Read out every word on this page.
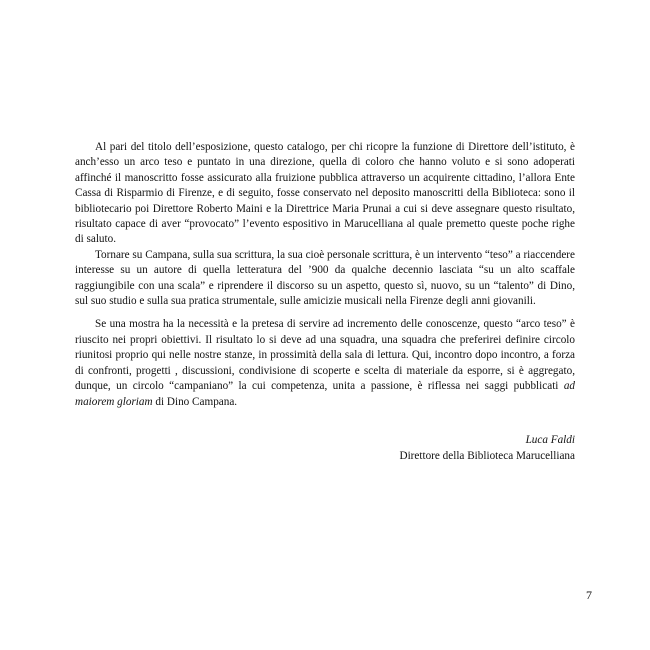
Al pari del titolo dell’esposizione, questo catalogo, per chi ricopre la funzione di Direttore dell’istituto, è anch’esso un arco teso e puntato in una direzione, quella di coloro che hanno voluto e si sono adoperati affinché il manoscritto fosse assicurato alla fruizione pubblica attraverso un acquirente cittadino, l’allora Ente Cassa di Risparmio di Firenze, e di seguito, fosse conservato nel deposito manoscritti della Biblioteca: sono il bibliotecario poi Direttore Roberto Maini e la Direttrice Maria Prunai a cui si deve assegnare questo risultato, risultato capace di aver “provocato” l’evento espositivo in Marucelliana al quale premetto queste poche righe di saluto.

Tornare su Campana, sulla sua scrittura, la sua cioè personale scrittura, è un intervento “teso” a riaccendere interesse su un autore di quella letteratura del ’900 da qualche decennio lasciata “su un alto scaffale raggiungibile con una scala” e riprendere il discorso su un aspetto, questo sì, nuovo, su un “talento” di Dino, sul suo studio e sulla sua pratica strumentale, sulle amicizie musicali nella Firenze degli anni giovanili.

Se una mostra ha la necessità e la pretesa di servire ad incremento delle conoscenze, questo “arco teso” è riuscito nei propri obiettivi. Il risultato lo si deve ad una squadra, una squadra che preferirei definire circolo riunitosi proprio qui nelle nostre stanze, in prossimità della sala di lettura. Qui, incontro dopo incontro, a forza di confronti, progetti , discussioni, condivisione di scoperte e scelta di materiale da esporre, si è aggregato, dunque, un circolo “campaniano” la cui competenza, unita a passione, è riflessa nei saggi pubblicati ad maiorem gloriam di Dino Campana.

Luca Faldi
Direttore della Biblioteca Marucelliana
7
